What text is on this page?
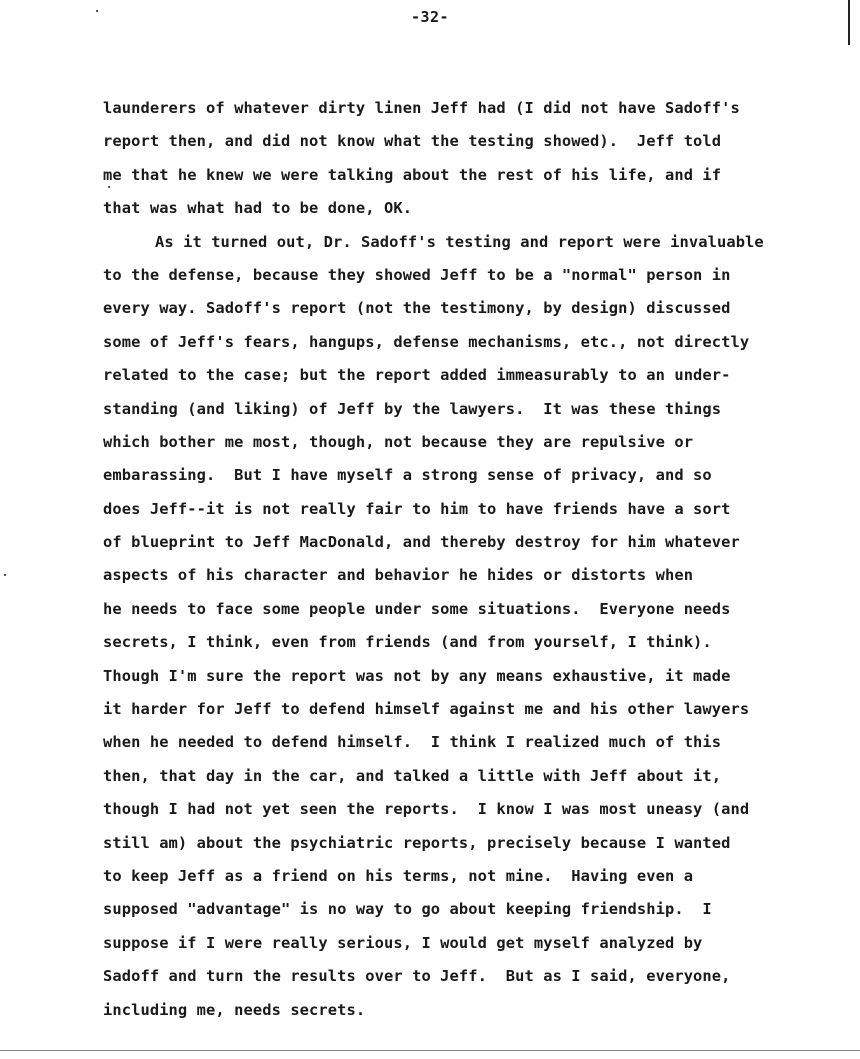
-32-
launderers of whatever dirty linen Jeff had (I did not have Sadoff's
report then, and did not know what the testing showed).  Jeff told
me that he knew we were talking about the rest of his life, and if
that was what had to be done, OK.
As it turned out, Dr. Sadoff's testing and report were invaluable
to the defense, because they showed Jeff to be a "normal" person in
every way. Sadoff's report (not the testimony, by design) discussed
some of Jeff's fears, hangups, defense mechanisms, etc., not directly
related to the case; but the report added immeasurably to an under-
standing (and liking) of Jeff by the lawyers.  It was these things
which bother me most, though, not because they are repulsive or
embarassing.  But I have myself a strong sense of privacy, and so
does Jeff--it is not really fair to him to have friends have a sort
of blueprint to Jeff MacDonald, and thereby destroy for him whatever
aspects of his character and behavior he hides or distorts when
he needs to face some people under some situations.  Everyone needs
secrets, I think, even from friends (and from yourself, I think).
Though I'm sure the report was not by any means exhaustive, it made
it harder for Jeff to defend himself against me and his other lawyers
when he needed to defend himself.  I think I realized much of this
then, that day in the car, and talked a little with Jeff about it,
though I had not yet seen the reports.  I know I was most uneasy (and
still am) about the psychiatric reports, precisely because I wanted
to keep Jeff as a friend on his terms, not mine.  Having even a
supposed "advantage" is no way to go about keeping friendship.  I
suppose if I were really serious, I would get myself analyzed by
Sadoff and turn the results over to Jeff.  But as I said, everyone,
including me, needs secrets.
